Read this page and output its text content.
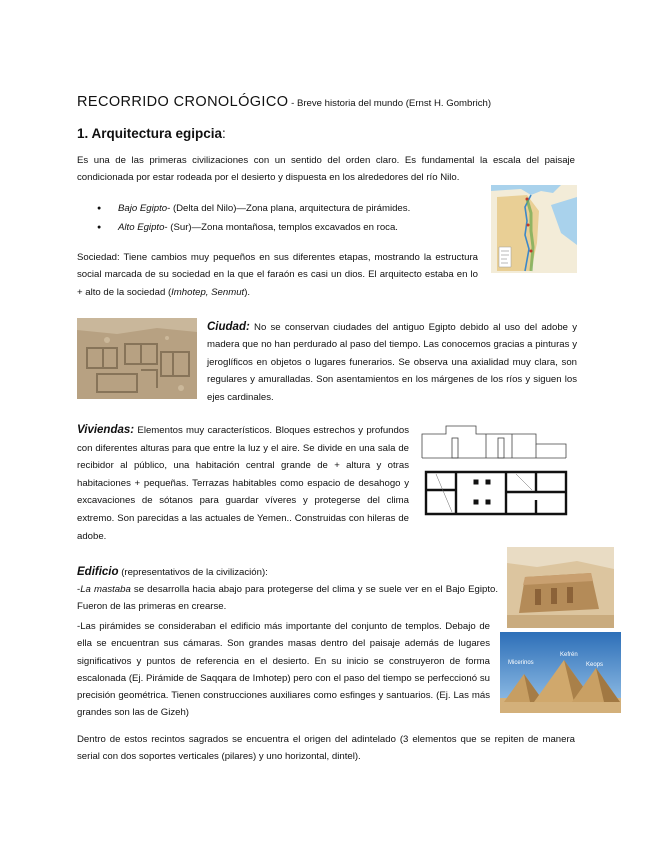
RECORRIDO CRONOLÓGICO - Breve historia del mundo (Ernst H. Gombrich)
1. Arquitectura egipcia:

Es una de las primeras civilizaciones con un sentido del orden claro. Es fundamental la escala del paisaje condicionada por estar rodeada por el desierto y dispuesta en los alrededores del río Nilo.

● Bajo Egipto- (Delta del Nilo)—Zona plana, arquitectura de pirámides.
● Alto Egipto- (Sur)—Zona montañosa, templos excavados en roca.

Sociedad: Tiene cambios muy pequeños en sus diferentes etapas, mostrando la estructura social marcada de su sociedad en la que el faraón es casi un dios. El arquitecto estaba en lo + alto de la sociedad (Imhotep, Senmut).

Ciudad: No se conservan ciudades del antiguo Egipto debido al uso del adobe y madera que no han perdurado al paso del tiempo. Las conocemos gracias a pinturas y jeroglíficos en objetos o lugares funerarios. Se observa una axialidad muy clara, son regulares y amuralladas. Son asentamientos en los márgenes de los ríos y siguen los ejes cardinales.

Viviendas: Elementos muy característicos. Bloques estrechos y profundos con diferentes alturas para que entre la luz y el aire. Se divide en una sala de recibidor al público, una habitación central grande de + altura y otras habitaciones + pequeñas. Terrazas habitables como espacio de desahogo y excavaciones de sótanos para guardar víveres y protegerse del clima extremo. Son parecidas a las actuales de Yemen.. Construidas con hileras de adobe.

Edificio (representativos de la civilización):

-La mastaba se desarrolla hacia abajo para protegerse del clima y se suele ver en el Bajo Egipto. Fueron de las primeras en crearse.

-Las pirámides se consideraban el edificio más importante del conjunto de templos. Debajo de ella se encuentran sus cámaras. Son grandes masas dentro del paisaje además de lugares significativos y puntos de referencia en el desierto. En su inicio se construyeron de forma escalonada (Ej. Pirámide de Saqqara de Imhotep) pero con el paso del tiempo se perfeccionó su precisión geométrica. Tienen construcciones auxiliares como esfinges y santuarios. (Ej. Las más grandes son las de Gizeh)

Micerinos
Kefrén
Keops

Dentro de estos recintos sagrados se encuentra el origen del adintelado (3 elementos que se repiten de manera serial con dos soportes verticales (pilares) y uno horizontal, dintel).
